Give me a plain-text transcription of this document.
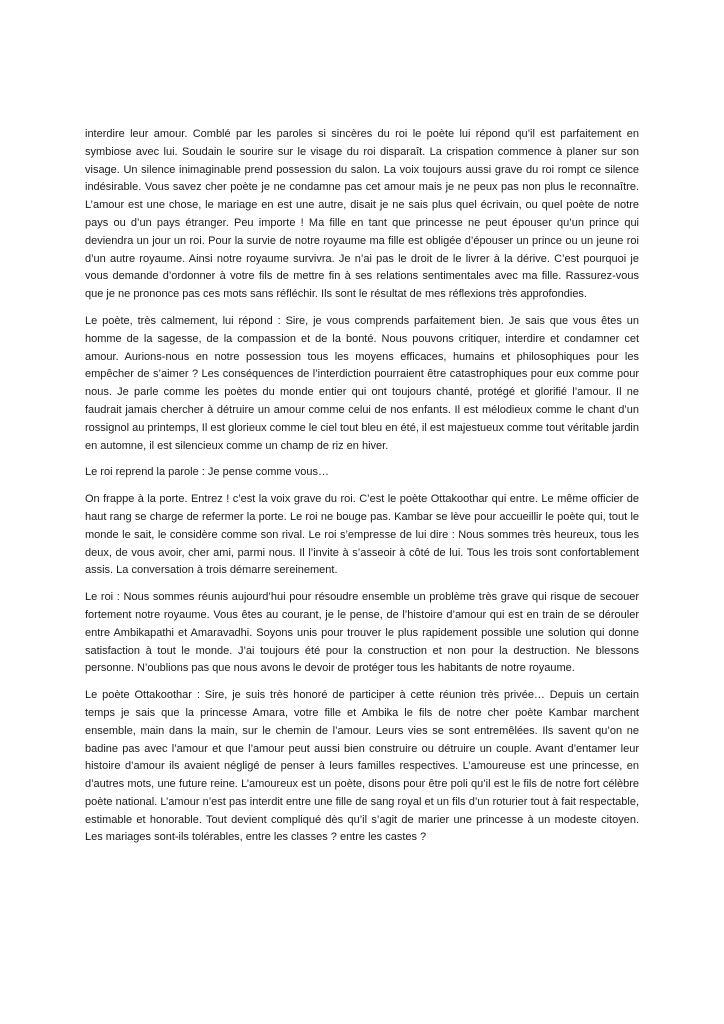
interdire leur amour. Comblé par les paroles si sincères du roi le poète lui répond qu’il est parfaitement en symbiose avec lui. Soudain le sourire sur le visage du roi disparaît. La crispation commence à planer sur son visage. Un silence inimaginable prend possession du salon. La voix toujours aussi grave du roi rompt ce silence indésirable. Vous savez cher poète je ne condamne pas cet amour mais je ne peux pas non plus le reconnaître. L’amour est une chose, le mariage en est une autre, disait je ne sais plus quel écrivain, ou quel poète de notre pays ou d’un pays étranger. Peu importe ! Ma fille en tant que princesse ne peut épouser qu’un prince qui deviendra un jour un roi. Pour la survie de notre royaume ma fille est obligée d’épouser un prince ou un jeune roi d’un autre royaume. Ainsi notre royaume survivra. Je n’ai pas le droit de le livrer à la dérive. C’est pourquoi je vous demande d’ordonner à votre fils de mettre fin à ses relations sentimentales avec ma fille. Rassurez-vous que je ne prononce pas ces mots sans réfléchir. Ils sont le résultat de mes réflexions très approfondies.

Le poète, très calmement, lui répond : Sire, je vous comprends parfaitement bien. Je sais que vous êtes un homme de la sagesse, de la compassion et de la bonté. Nous pouvons critiquer, interdire et condamner cet amour. Aurions-nous en notre possession tous les moyens efficaces, humains et philosophiques pour les empêcher de s’aimer ? Les conséquences de l’interdiction pourraient être catastrophiques pour eux comme pour nous. Je parle comme les poètes du monde entier qui ont toujours chanté, protégé et glorifié l’amour. Il ne faudrait jamais chercher à détruire un amour comme celui de nos enfants. Il est mélodieux comme le chant d’un rossignol au printemps, Il est glorieux comme le ciel tout bleu en été, il est majestueux comme tout véritable jardin en automne, il est silencieux comme un champ de riz en hiver.

Le roi reprend la parole : Je pense comme vous…

On frappe à la porte. Entrez ! c’est la voix grave du roi. C’est le poète Ottakoothar qui entre. Le même officier de haut rang se charge de refermer la porte. Le roi ne bouge pas. Kambar se lève pour accueillir le poète qui, tout le monde le sait, le considère comme son rival. Le roi s’empresse de lui dire : Nous sommes très heureux, tous les deux, de vous avoir, cher ami, parmi nous. Il l’invite à s’asseoir à côté de lui. Tous les trois sont confortablement assis. La conversation à trois démarre sereinement.

Le roi : Nous sommes réunis aujourd’hui pour résoudre ensemble un problème très grave qui risque de secouer fortement notre royaume. Vous êtes au courant, je le pense, de l’histoire d’amour qui est en train de se dérouler entre Ambikapathi et Amaravadhi. Soyons unis pour trouver le plus rapidement possible une solution qui donne satisfaction à tout le monde. J’ai toujours été pour la construction et non pour la destruction. Ne blessons personne. N’oublions pas que nous avons le devoir de protéger tous les habitants de notre royaume.

Le poète Ottakoothar : Sire, je suis très honoré de participer à cette réunion très privée… Depuis un certain temps je sais que la princesse Amara, votre fille et Ambika le fils de notre cher poète Kambar marchent ensemble, main dans la main, sur le chemin de l’amour. Leurs vies se sont entremêlées. Ils savent qu’on ne badine pas avec l’amour et que l’amour peut aussi bien construire ou détruire un couple. Avant d’entamer leur histoire d’amour ils avaient négligé de penser à leurs familles respectives. L’amoureuse est une princesse, en d’autres mots, une future reine. L’amoureux est un poète, disons pour être poli qu’il est le fils de notre fort célèbre poète national. L’amour n’est pas interdit entre une fille de sang royal et un fils d’un roturier tout à fait respectable, estimable et honorable. Tout devient compliqué dès qu’il s’agit de marier une princesse à un modeste citoyen. Les mariages sont-ils tolérables, entre les classes ? entre les castes ?
